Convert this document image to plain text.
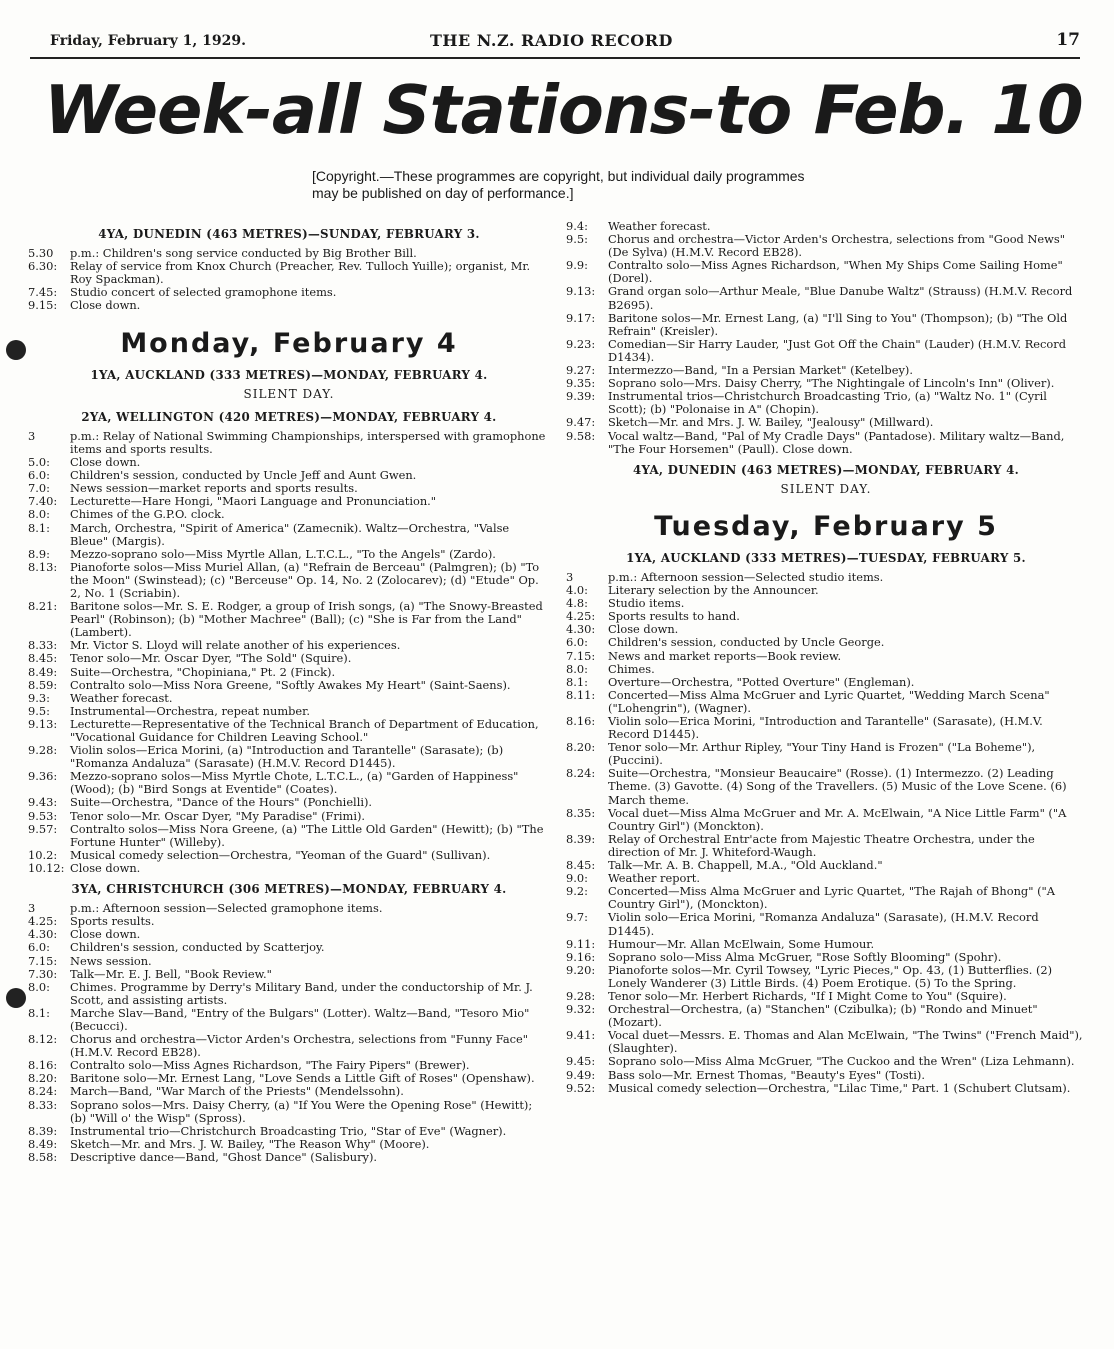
Friday, February 1, 1929.	THE N.Z. RADIO RECORD	17
Week-all Stations-to Feb. 10
[Copyright.—These programmes are copyright, but individual daily programmes may be published on day of performance.]
4YA, DUNEDIN (463 METRES)—SUNDAY, FEBRUARY 3.
5.30 p.m.: Children's song service conducted by Big Brother Bill.
6.30: Relay of service from Knox Church (Preacher, Rev. Tulloch Yuille); organist, Mr. Roy Spackman).
7.45: Studio concert of selected gramophone items.
9.15: Close down.
Monday, February 4
1YA, AUCKLAND (333 METRES)—MONDAY, FEBRUARY 4.
SILENT DAY.
2YA, WELLINGTON (420 METRES)—MONDAY, FEBRUARY 4.
3	p.m.: Relay of National Swimming Championships, interspersed with gramophone items and sports results.
5.0: Close down.
6.0: Children's session, conducted by Uncle Jeff and Aunt Gwen.
7.0: News session—market reports and sports results.
7.40: Lecturette—Hare Hongi, "Maori Language and Pronunciation."
8.0: Chimes of the G.P.O. clock.
8.1: March, Orchestra, "Spirit of America" (Zamecnik). Waltz—Orchestra, "Valse Bleue" (Margis).
8.9: Mezzo-soprano solo—Miss Myrtle Allan, L.T.C.L., "To the Angels" (Zardo).
8.13: Pianoforte solos—Miss Muriel Allan, (a) "Refrain de Berceau" (Palmgren); (b) "To the Moon" (Swinstead); (c) "Berceuse" Op. 14, No. 2 (Zolocarev); (d) "Etude" Op. 2, No. 1 (Scriabin).
8.21: Baritone solos—Mr. S. E. Rodger, a group of Irish songs, (a) "The Snowy-Breasted Pearl" (Robinson); (b) "Mother Machree" (Ball); (c) "She is Far from the Land" (Lambert).
8.33: Mr. Victor S. Lloyd will relate another of his experiences.
8.45: Tenor solo—Mr. Oscar Dyer, "The Sold" (Squire).
8.49: Suite—Orchestra, "Chopiniana," Pt. 2 (Finck).
8.59: Contralto solo—Miss Nora Greene, "Softly Awakes My Heart" (Saint-Saens).
9.3: Weather forecast.
9.5: Instrumental—Orchestra, repeat number.
9.13: Lecturette—Representative of the Technical Branch of Department of Education, "Vocational Guidance for Children Leaving School."
9.28: Violin solos—Erica Morini, (a) "Introduction and Tarantelle" (Sarasate); (b) "Romanza Andaluza" (Sarasate) (H.M.V. Record D1445).
9.36: Mezzo-soprano solos—Miss Myrtle Chote, L.T.C.L., (a) "Garden of Happiness" (Wood); (b) "Bird Songs at Eventide" (Coates).
9.43: Suite—Orchestra, "Dance of the Hours" (Ponchielli).
9.53: Tenor solo—Mr. Oscar Dyer, "My Paradise" (Frimi).
9.57: Contralto solos—Miss Nora Greene, (a) "The Little Old Garden" (Hewitt); (b) "The Fortune Hunter" (Willeby).
10.2: Musical comedy selection—Orchestra, "Yeoman of the Guard" (Sullivan).
10.12: Close down.
3YA, CHRISTCHURCH (306 METRES)—MONDAY, FEBRUARY 4.
3	p.m.: Afternoon session—Selected gramophone items.
4.25: Sports results.
4.30: Close down.
6.0: Children's session, conducted by Scatterjoy.
7.15: News session.
7.30: Talk—Mr. E. J. Bell, "Book Review."
8.0: Chimes. Programme by Derry's Military Band, under the conductorship of Mr. J. Scott, and assisting artists.
8.1: Marche Slav—Band, "Entry of the Bulgars" (Lotter). Waltz—Band, "Tesoro Mio" (Becucci).
8.12: Chorus and orchestra—Victor Arden's Orchestra, selections from "Funny Face" (H.M.V. Record EB28).
8.16: Contralto solo—Miss Agnes Richardson, "The Fairy Pipers" (Brewer).
8.20: Baritone solo—Mr. Ernest Lang, "Love Sends a Little Gift of Roses" (Openshaw).
8.24: March—Band, "War March of the Priests" (Mendelssohn).
8.33: Soprano solos—Mrs. Daisy Cherry, (a) "If You Were the Opening Rose" (Hewitt); (b) "Will o' the Wisp" (Spross).
8.39: Instrumental trio—Christchurch Broadcasting Trio, "Star of Eve" (Wagner).
8.49: Sketch—Mr. and Mrs. J. W. Bailey, "The Reason Why" (Moore).
8.58: Descriptive dance—Band, "Ghost Dance" (Salisbury).
9.4: Weather forecast.
9.5: Chorus and orchestra—Victor Arden's Orchestra, selections from "Good News" (De Sylva) (H.M.V. Record EB28).
9.9: Contralto solo—Miss Agnes Richardson, "When My Ships Come Sailing Home" (Dorel).
9.13: Grand organ solo—Arthur Meale, "Blue Danube Waltz" (Strauss) (H.M.V. Record B2695).
9.17: Baritone solos—Mr. Ernest Lang, (a) "I'll Sing to You" (Thompson); (b) "The Old Refrain" (Kreisler).
9.23: Comedian—Sir Harry Lauder, "Just Got Off the Chain" (Lauder) (H.M.V. Record D1434).
9.27: Intermezzo—Band, "In a Persian Market" (Ketelbey).
9.35: Soprano solo—Mrs. Daisy Cherry, "The Nightingale of Lincoln's Inn" (Oliver).
9.39: Instrumental trios—Christchurch Broadcasting Trio, (a) "Waltz No. 1" (Cyril Scott); (b) "Polonaise in A" (Chopin).
9.47: Sketch—Mr. and Mrs. J. W. Bailey, "Jealousy" (Millward).
9.58: Vocal waltz—Band, "Pal of My Cradle Days" (Pantadose). Military waltz—Band, "The Four Horsemen" (Paull). Close down.
4YA, DUNEDIN (463 METRES)—MONDAY, FEBRUARY 4.
SILENT DAY.
Tuesday, February 5
1YA, AUCKLAND (333 METRES)—TUESDAY, FEBRUARY 5.
3	p.m.: Afternoon session—Selected studio items.
4.0: Literary selection by the Announcer.
4.8: Studio items.
4.25: Sports results to hand.
4.30: Close down.
6.0: Children's session, conducted by Uncle George.
7.15: News and market reports—Book review.
8.0: Chimes.
8.1: Overture—Orchestra, "Potted Overture" (Engleman).
8.11: Concerted—Miss Alma McGruer and Lyric Quartet, "Wedding March Scena" ("Lohengrin"), (Wagner).
8.16: Violin solo—Erica Morini, "Introduction and Tarantelle" (Sarasate), (H.M.V. Record D1445).
8.20: Tenor solo—Mr. Arthur Ripley, "Your Tiny Hand is Frozen" ("La Boheme"), (Puccini).
8.24: Suite—Orchestra, "Monsieur Beaucaire" (Rosse). (1) Intermezzo. (2) Leading Theme. (3) Gavotte. (4) Song of the Travellers. (5) Music of the Love Scene. (6) March theme.
8.35: Vocal duet—Miss Alma McGruer and Mr. A. McElwain, "A Nice Little Farm" ("A Country Girl") (Monckton).
8.39: Relay of Orchestral Entr'acte from Majestic Theatre Orchestra, under the direction of Mr. J. Whiteford-Waugh.
8.45: Talk—Mr. A. B. Chappell, M.A., "Old Auckland."
9.0: Weather report.
9.2: Concerted—Miss Alma McGruer and Lyric Quartet, "The Rajah of Bhong" ("A Country Girl"), (Monckton).
9.7: Violin solo—Erica Morini, "Romanza Andaluza" (Sarasate), (H.M.V. Record D1445).
9.11: Humour—Mr. Allan McElwain, Some Humour.
9.16: Soprano solo—Miss Alma McGruer, "Rose Softly Blooming" (Spohr).
9.20: Pianoforte solos—Mr. Cyril Towsey, "Lyric Pieces," Op. 43, (1) Butterflies. (2) Lonely Wanderer (3) Little Birds. (4) Poem Erotique. (5) To the Spring.
9.28: Tenor solo—Mr. Herbert Richards, "If I Might Come to You" (Squire).
9.32: Orchestral—Orchestra, (a) "Stanchen" (Czibulka); (b) "Rondo and Minuet" (Mozart).
9.41: Vocal duet—Messrs. E. Thomas and Alan McElwain, "The Twins" ("French Maid"), (Slaughter).
9.45: Soprano solo—Miss Alma McGruer, "The Cuckoo and the Wren" (Liza Lehmann).
9.49: Bass solo—Mr. Ernest Thomas, "Beauty's Eyes" (Tosti).
9.52: Musical comedy selection—Orchestra, "Lilac Time," Part. 1 (Schubert Clutsam).
